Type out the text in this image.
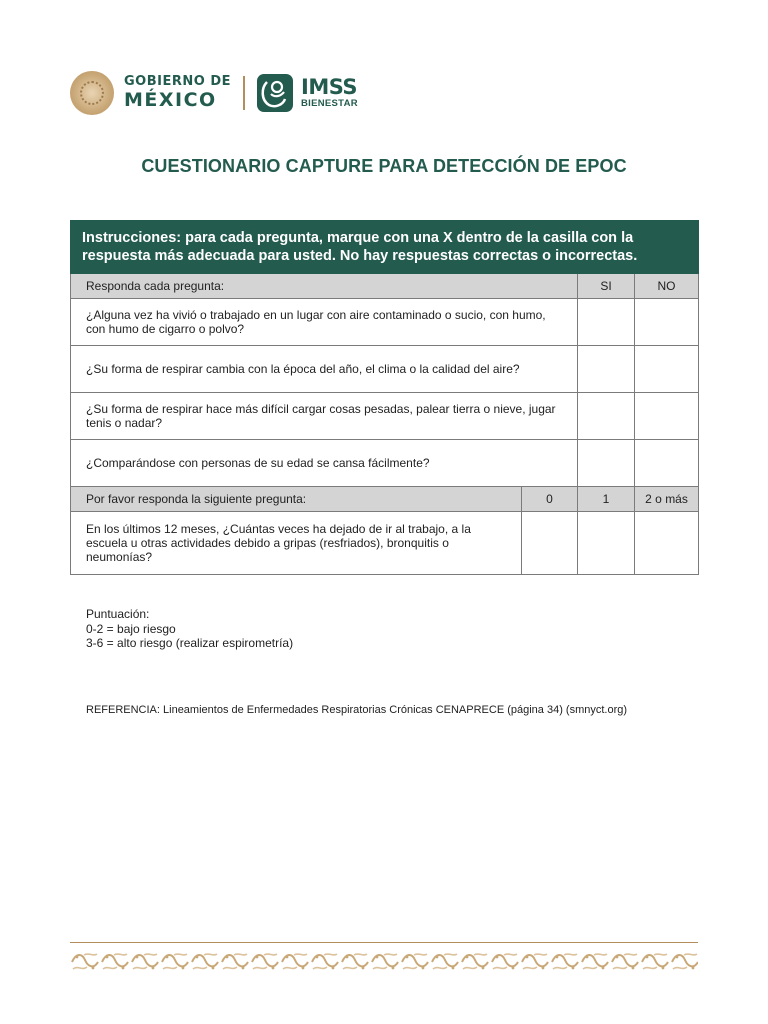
GOBIERNO DE
MÉXICO
IMSS
BIENESTAR
CUESTIONARIO CAPTURE PARA DETECCIÓN DE EPOC
Instrucciones: para cada pregunta, marque con una X dentro de la casilla con la respuesta más adecuada para usted. No hay respuestas correctas o incorrectas.			
Responda cada pregunta:		SI	NO
¿Alguna vez ha vivió o trabajado en un lugar con aire contaminado o sucio, con humo, con humo de cigarro o polvo?			
¿Su forma de respirar cambia con la época del año, el clima o la calidad del aire?			
¿Su forma de respirar hace más difícil cargar cosas pesadas, palear tierra o nieve, jugar tenis o nadar?			
¿Comparándose con personas de su edad se cansa fácilmente?			
Por favor responda la siguiente pregunta:	0	1	2 o más
En los últimos 12 meses, ¿Cuántas veces ha dejado de ir al trabajo, a la escuela u otras actividades debido a gripas (resfriados), bronquitis o neumonías?			
Puntuación:
0-2 = bajo riesgo
3-6 = alto riesgo (realizar espirometría)
REFERENCIA: Lineamientos de Enfermedades Respiratorias Crónicas CENAPRECE (página 34) (smnyct.org)
